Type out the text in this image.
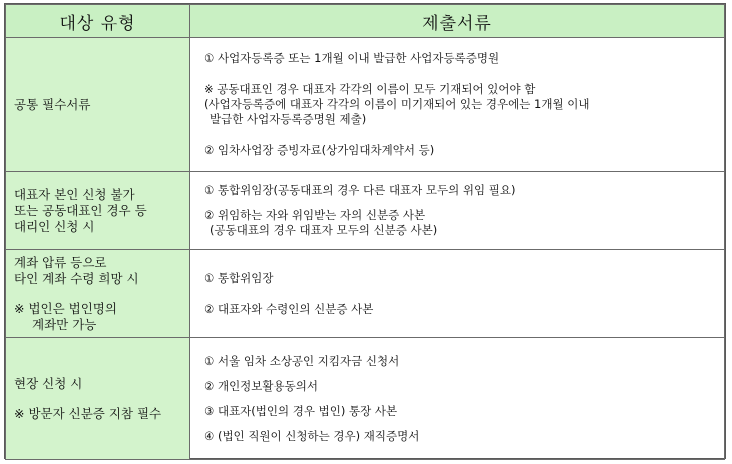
대상 유형	제출서류

공통 필수서류	① 사업자등록증 또는 1개월 이내 발급한 사업자등록증명원
※ 공동대표인 경우 대표자 각각의 이름이 모두 기재되어 있어야 함
(사업자등록증에 대표자 각각의 이름이 미기재되어 있는 경우에는 1개월 이내
발급한 사업자등록증명원 제출)
② 임차사업장 증빙자료(상가임대차계약서 등)

대표자 본인 신청 불가
또는 공동대표인 경우 등
대리인 신청 시	① 통합위임장(공동대표의 경우 다른 대표자 모두의 위임 필요)
② 위임하는 자와 위임받는 자의 신분증 사본
(공동대표의 경우 대표자 모두의 신분증 사본)

계좌 압류 등으로
타인 계좌 수령 희망 시
※ 법인은 법인명의
계좌만 가능	① 통합위임장
② 대표자와 수령인의 신분증 사본

현장 신청 시
※ 방문자 신분증 지참 필수	① 서울 임차 소상공인 지킴자금 신청서
② 개인정보활용동의서
③ 대표자(법인의 경우 법인) 통장 사본
④ (법인 직원이 신청하는 경우) 재직증명서
